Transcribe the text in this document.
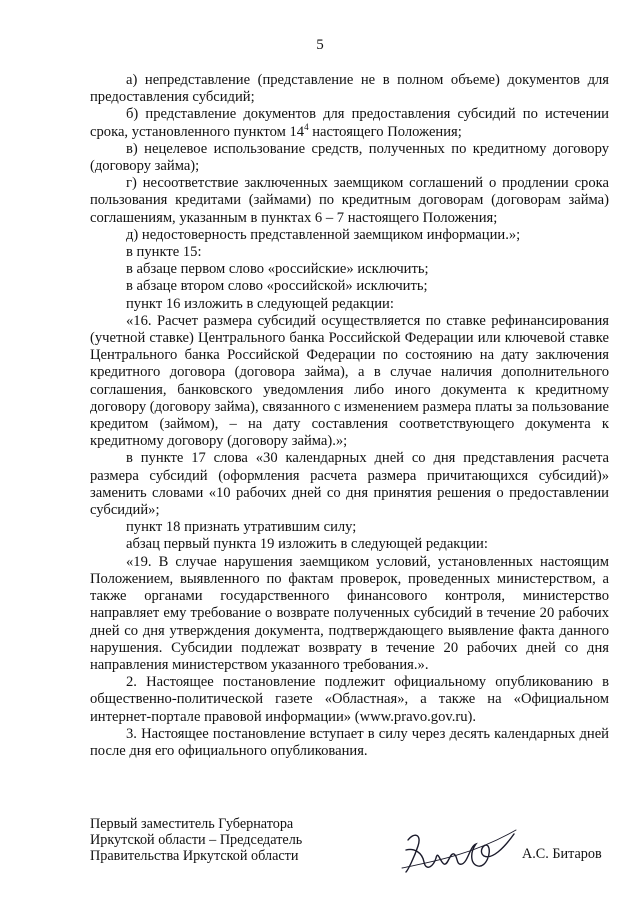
5

а) непредставление (представление не в полном объеме) документов для предоставления субсидий;

б) представление документов для предоставления субсидий по истечении срока, установленного пунктом $14^4$ настоящего Положения;

в) нецелевое использование средств, полученных по кредитному договору (договору займа);

г) несоответствие заключенных заемщиком соглашений о продлении срока пользования кредитами (займами) по кредитным договорам (договорам займа) соглашениям, указанным в пунктах 6 – 7 настоящего Положения;

д) недостоверность представленной заемщиком информации.»;

в пункте 15:

в абзаце первом слово «российские» исключить;

в абзаце втором слово «российской» исключить;

пункт 16 изложить в следующей редакции:

«16. Расчет размера субсидий осуществляется по ставке рефинансирования (учетной ставке) Центрального банка Российской Федерации или ключевой ставке Центрального банка Российской Федерации по состоянию на дату заключения кредитного договора (договора займа), а в случае наличия дополнительного соглашения, банковского уведомления либо иного документа к кредитному договору (договору займа), связанного с изменением размера платы за пользование кредитом (займом), – на дату составления соответствующего документа к кредитному договору (договору займа).»;

в пункте 17 слова «30 календарных дней со дня представления расчета размера субсидий (оформления расчета размера причитающихся субсидий)» заменить словами «10 рабочих дней со дня принятия решения о предоставлении субсидий»;

пункт 18 признать утратившим силу;

абзац первый пункта 19 изложить в следующей редакции:

«19. В случае нарушения заемщиком условий, установленных настоящим Положением, выявленного по фактам проверок, проведенных министерством, а также органами государственного финансового контроля, министерство направляет ему требование о возврате полученных субсидий в течение 20 рабочих дней со дня утверждения документа, подтверждающего выявление факта данного нарушения. Субсидии подлежат возврату в течение 20 рабочих дней со дня направления министерством указанного требования.».

2. Настоящее постановление подлежит официальному опубликованию в общественно-политической газете «Областная», а также на «Официальном интернет-портале правовой информации» (www.pravo.gov.ru).

3. Настоящее постановление вступает в силу через десять календарных дней после дня его официального опубликования.

Первый заместитель Губернатора
Иркутской области – Председатель
Правительства Иркутской области	А.С. Битаров
